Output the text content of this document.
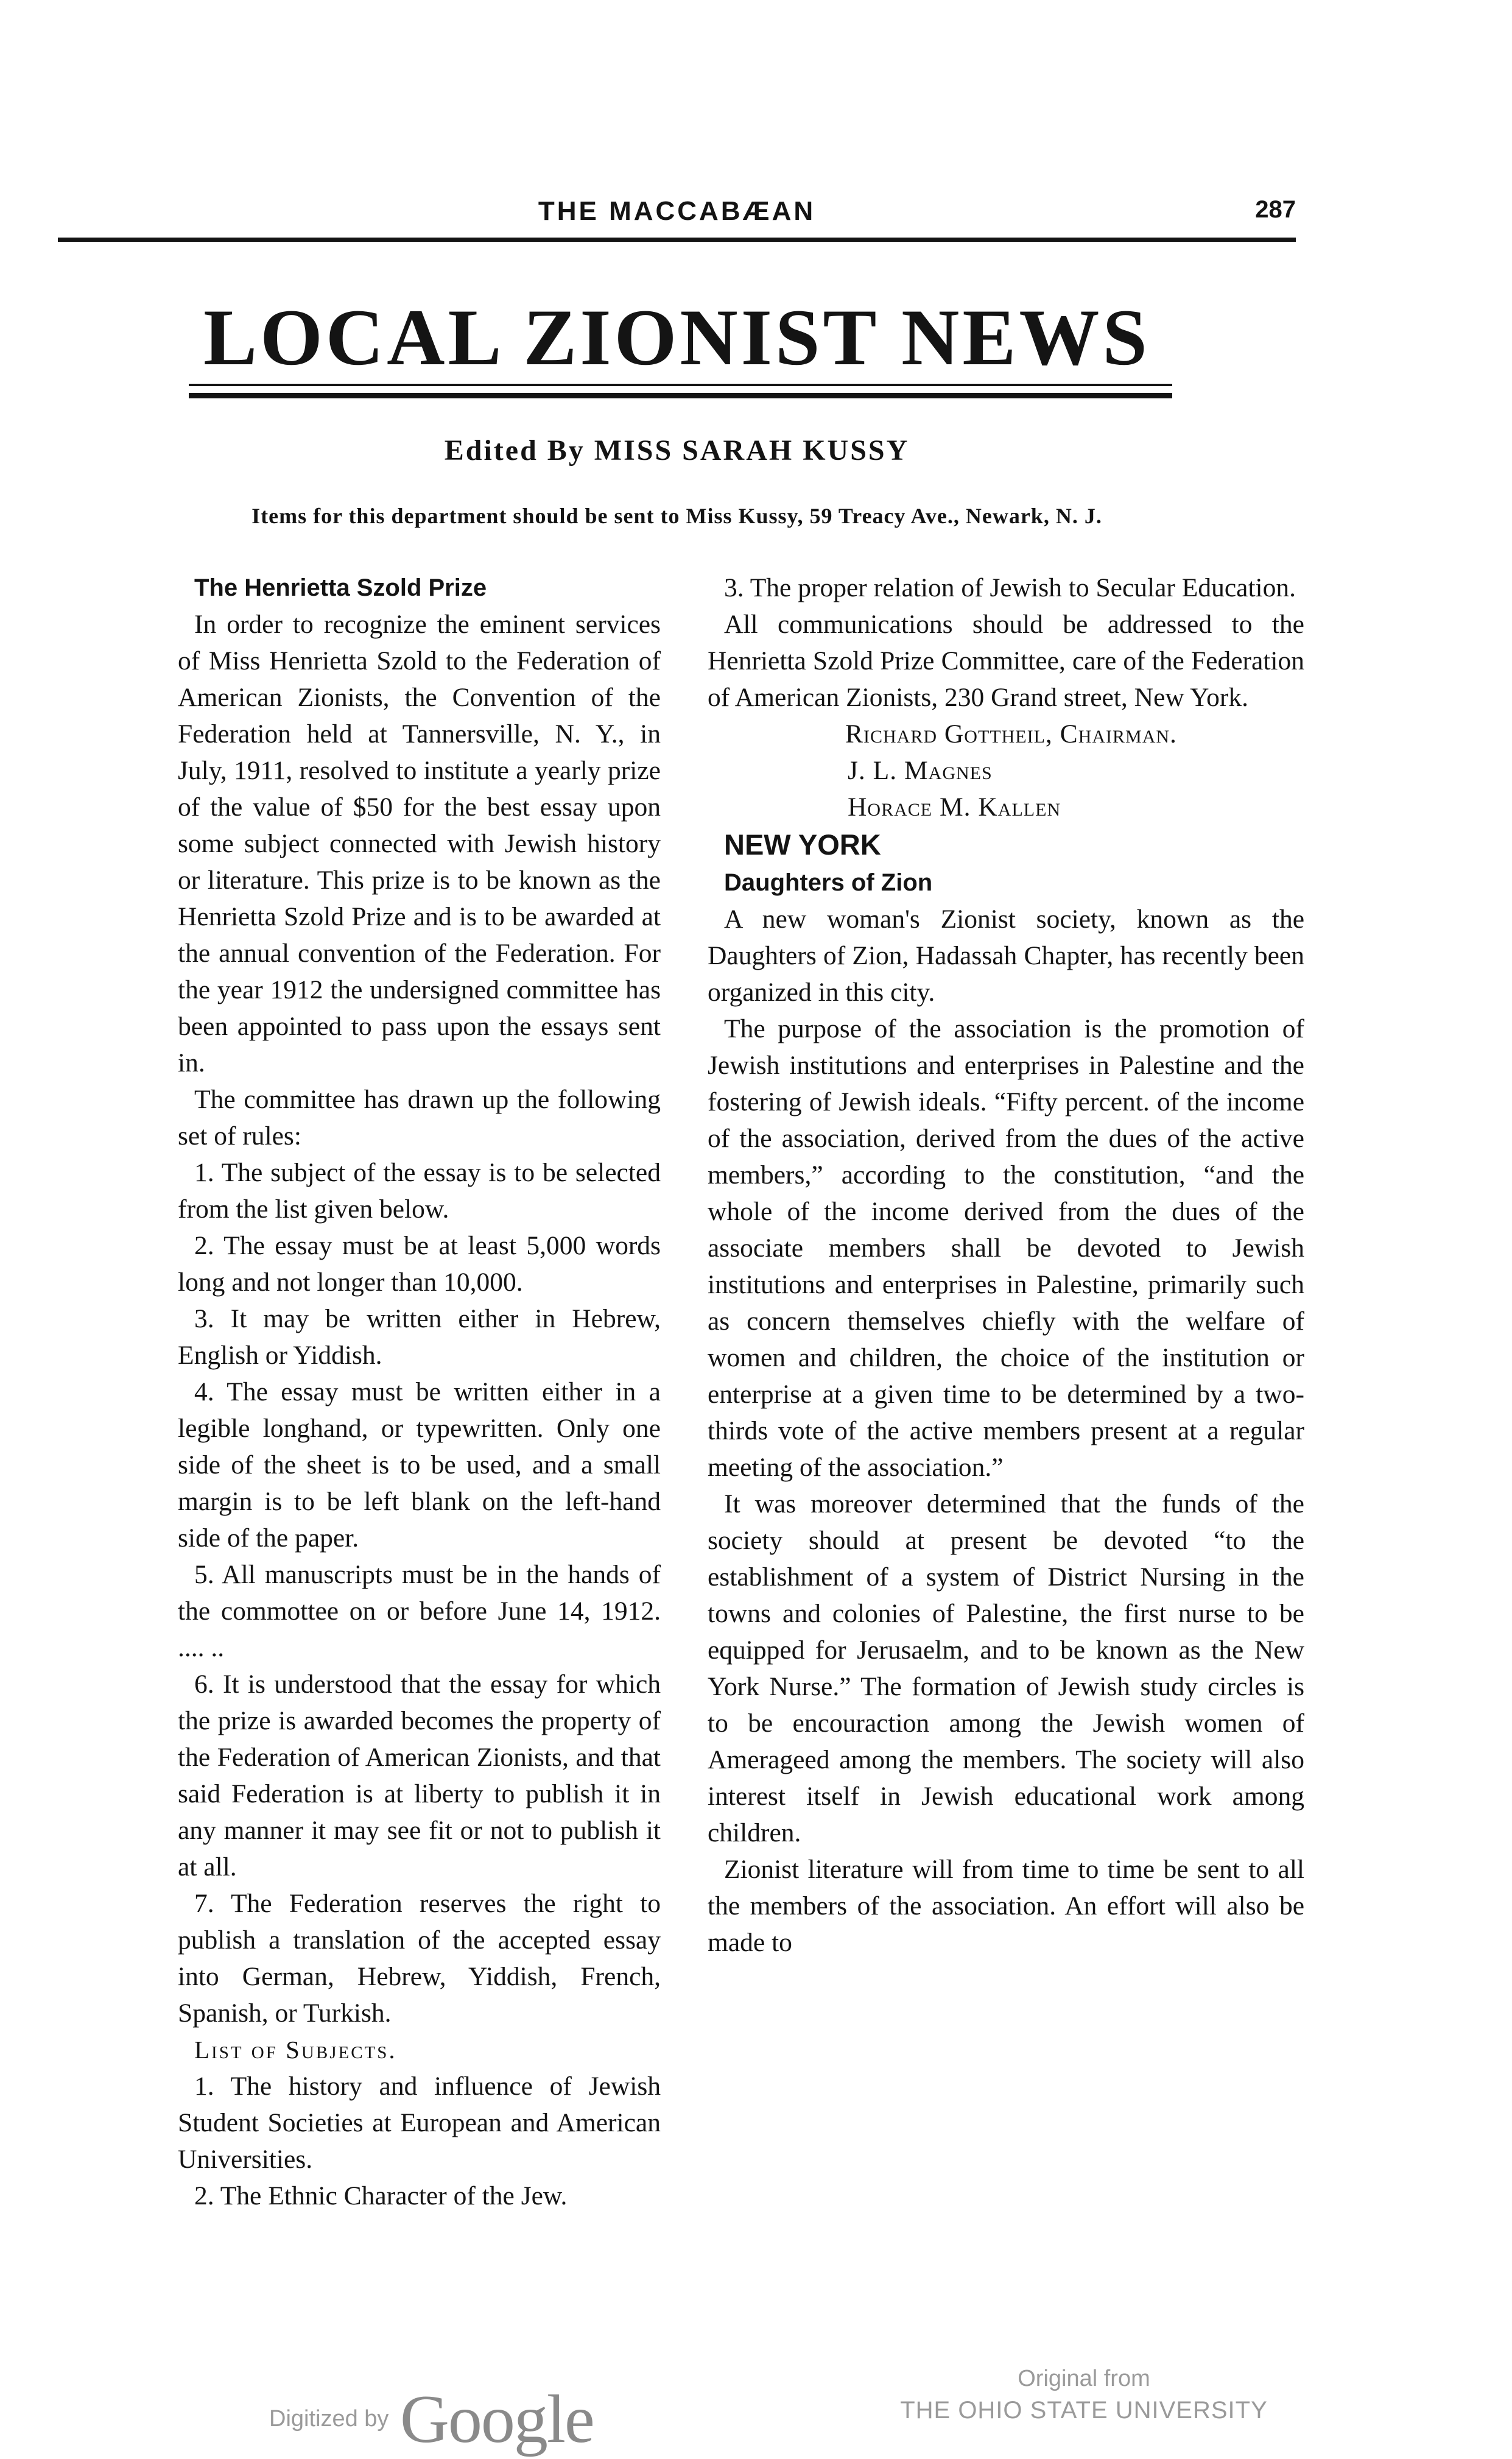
THE MACCABÆAN	287
LOCAL ZIONIST NEWS
Edited By MISS SARAH KUSSY
Items for this department should be sent to Miss Kussy, 59 Treacy Ave., Newark, N. J.

The Henrietta Szold Prize

In order to recognize the eminent services of Miss Henrietta Szold to the Federation of American Zionists, the Convention of the Federation held at Tannersville, N. Y., in July, 1911, resolved to institute a yearly prize of the value of $50 for the best essay upon some subject connected with Jewish history or literature. This prize is to be known as the Henrietta Szold Prize and is to be awarded at the annual convention of the Federation. For the year 1912 the undersigned committee has been appointed to pass upon the essays sent in.

The committee has drawn up the following set of rules:

1. The subject of the essay is to be selected from the list given below.

2. The essay must be at least 5,000 words long and not longer than 10,000.

3. It may be written either in Hebrew, English or Yiddish.

4. The essay must be written either in a legible longhand, or typewritten. Only one side of the sheet is to be used, and a small margin is to be left blank on the left-hand side of the paper.

5. All manuscripts must be in the hands of the commottee on or before June 14, 1912. .... ..

6. It is understood that the essay for which the prize is awarded becomes the property of the Federation of American Zionists, and that said Federation is at liberty to publish it in any manner it may see fit or not to publish it at all.

7. The Federation reserves the right to publish a translation of the accepted essay into German, Hebrew, Yiddish, French, Spanish, or Turkish.

List of Subjects.

1. The history and influence of Jewish Student Societies at European and American Universities.

2. The Ethnic Character of the Jew.

3. The proper relation of Jewish to Secular Education.

All communications should be addressed to the Henrietta Szold Prize Committee, care of the Federation of American Zionists, 230 Grand street, New York.

Richard Gottheil, Chairman.
J. L. Magnes
Horace M. Kallen

NEW YORK

Daughters of Zion

A new woman's Zionist society, known as the Daughters of Zion, Hadassah Chapter, has recently been organized in this city.

The purpose of the association is the promotion of Jewish institutions and enterprises in Palestine and the fostering of Jewish ideals. “Fifty percent. of the income of the association, derived from the dues of the active members,” according to the constitution, “and the whole of the income derived from the dues of the associate members shall be devoted to Jewish institutions and enterprises in Palestine, primarily such as concern themselves chiefly with the welfare of women and children, the choice of the institution or enterprise at a given time to be determined by a two-thirds vote of the active members present at a regular meeting of the association.”

It was moreover determined that the funds of the society should at present be devoted “to the establishment of a system of District Nursing in the towns and colonies of Palestine, the first nurse to be equipped for Jerusaelm, and to be known as the New York Nurse.” The formation of Jewish study circles is to be encouraction among the Jewish women of Amerageed among the members. The society will also interest itself in Jewish educational work among children.

Zionist literature will from time to time be sent to all the members of the association. An effort will also be made to

Digitized by Google
Original from
THE OHIO STATE UNIVERSITY
